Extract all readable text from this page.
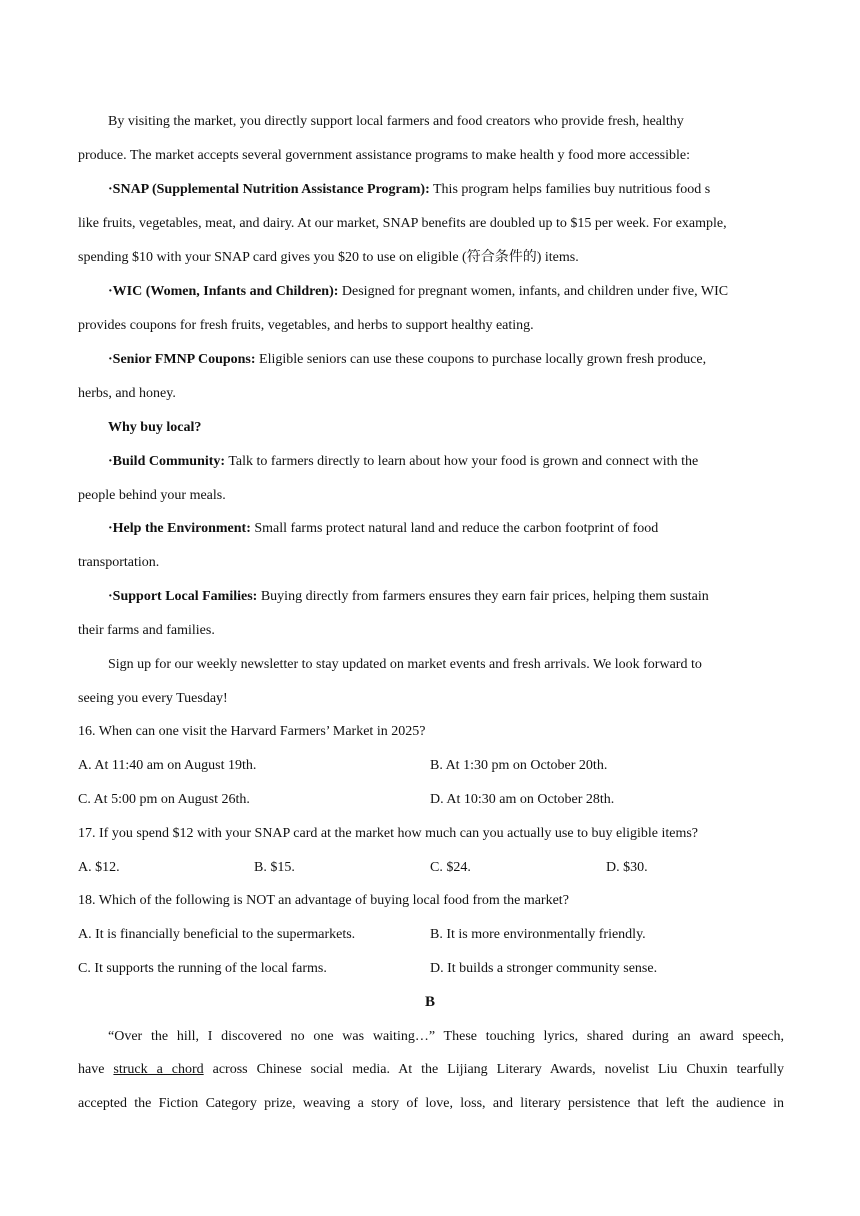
By visiting the market, you directly support local farmers and food creators who provide fresh, healthy
produce. The market accepts several government assistance programs to make health y food more accessible:
·SNAP (Supplemental Nutrition Assistance Program): This program helps families buy nutritious food s
like fruits, vegetables, meat, and dairy. At our market, SNAP benefits are doubled up to $15 per week. For example,
spending $10 with your SNAP card gives you $20 to use on eligible (符合条件的) items.
·WIC (Women, Infants and Children): Designed for pregnant women, infants, and children under five, WIC
provides coupons for fresh fruits, vegetables, and herbs to support healthy eating.
·Senior FMNP Coupons: Eligible seniors can use these coupons to purchase locally grown fresh produce,
herbs, and honey.
Why buy local?
·Build Community: Talk to farmers directly to learn about how your food is grown and connect with the
people behind your meals.
·Help the Environment: Small farms protect natural land and reduce the carbon footprint of food
transportation.
·Support Local Families: Buying directly from farmers ensures they earn fair prices, helping them sustain
their farms and families.
Sign up for our weekly newsletter to stay updated on market events and fresh arrivals. We look forward to
seeing you every Tuesday!
16. When can one visit the Harvard Farmers’ Market in 2025?
A. At 11:40 am on August 19th.	B. At 1:30 pm on October 20th.
C. At 5:00 pm on August 26th.	D. At 10:30 am on October 28th.
17. If you spend $12 with your SNAP card at the market how much can you actually use to buy eligible items?
A. $12.	B. $15.	C. $24.	D. $30.
18. Which of the following is NOT an advantage of buying local food from the market?
A. It is financially beneficial to the supermarkets.	B. It is more environmentally friendly.
C. It supports the running of the local farms.	D. It builds a stronger community sense.
B
“Over the hill, I discovered no one was waiting…” These touching lyrics, shared during an award speech,
have struck a chord across Chinese social media. At the Lijiang Literary Awards, novelist Liu Chuxin tearfully
accepted the Fiction Category prize, weaving a story of love, loss, and literary persistence that left the audience in
